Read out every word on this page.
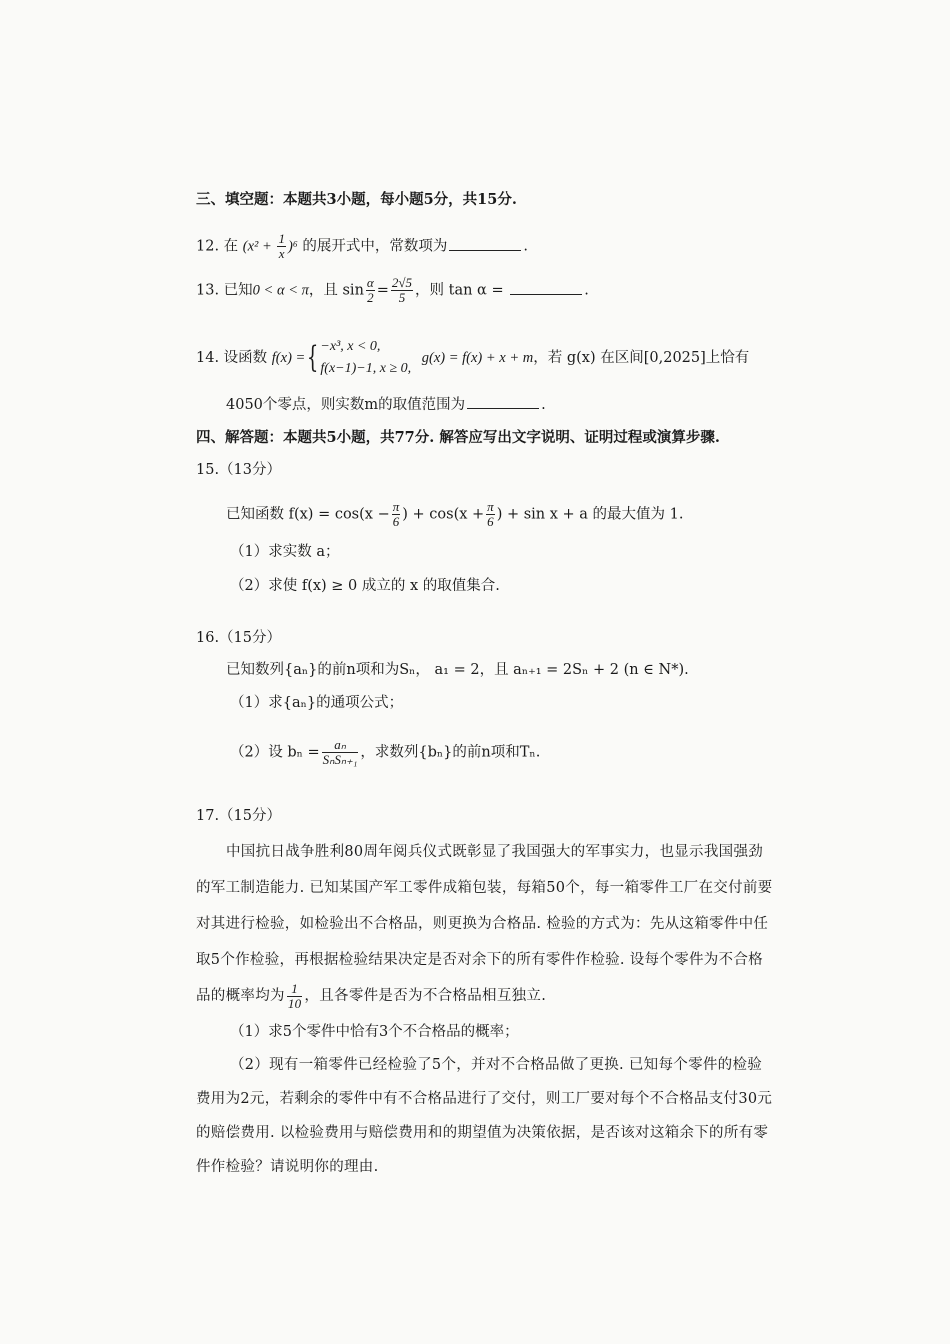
三、填空题：本题共3小题，每小题5分，共15分.
12. 在 $(x^2 + \frac{1}{x} )^6$ 的展开式中，常数项为	.
13. 已知0 < α < π，且 $\sin \frac{\alpha}{2} = \frac{2√5}{5}$ ，则 tan α =	.
14. 设函数 f(x) ={ −x³, x < 0,
f(x−1)−1, x ≥ 0,
g(x) = f(x) + x + m，若 g(x) 在区间[0,2025]上恰有
4050个零点，则实数m的取值范围为	.
四、解答题：本题共5小题，共77分. 解答应写出文字说明、证明过程或演算步骤.
15.（13分）
已知函数 $f(x) = \cos(x - \frac{\pi}{6}$ ) + $\cos(x + \frac{\pi}{6}$ ) + sin x + a 的最大值为 1.
（1）求实数 a；
（2）求使 f(x) ≥ 0 成立的 x 的取值集合.
16.（15分）
已知数列{aₙ}的前n项和为Sₙ， a₁ = 2，且 aₙ₊₁ = 2Sₙ + 2 (n ∈ N*).
（1）求{aₙ}的通项公式；
（2）设 $b_n = \frac{\text{aₙ}}{\text{SₙSₙ₊₁}}$ ，求数列{bₙ}的前n项和Tₙ.
17.（15分）
中国抗日战争胜利80周年阅兵仪式既彰显了我国强大的军事实力，也显示我国强劲的军工制造能力. 已知某国产军工零件成箱包装，每箱50个，每一箱零件工厂在交付前要对其进行检验，如检验出不合格品，则更换为合格品. 检验的方式为：先从这箱零件中任取5个作检验，再根据检验结果决定是否对余下的所有零件作检验. 设每个零件为不合格品的概率均为 $\frac{1}{10}$ ，且各零件是否为不合格品相互独立.
（1）求5个零件中恰有3个不合格品的概率；
（2）现有一箱零件已经检验了5个，并对不合格品做了更换. 已知每个零件的检验费用为2元，若剩余的零件中有不合格品进行了交付，则工厂要对每个不合格品支付30元的赔偿费用. 以检验费用与赔偿费用和的期望值为决策依据，是否该对这箱余下的所有零件作检验？请说明你的理由.
